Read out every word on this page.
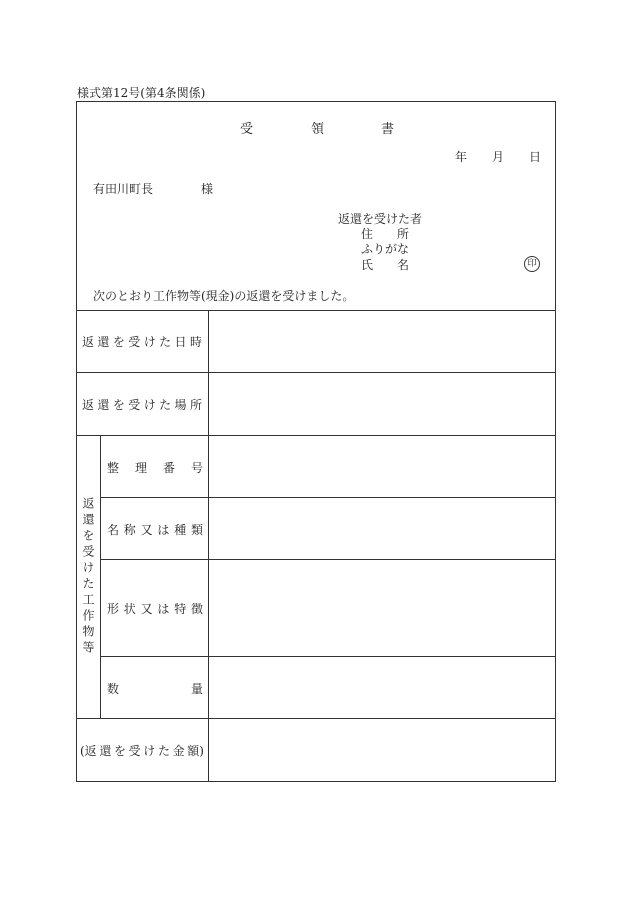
様式第12号(第4条関係)
受	領	書
年 月 日
有田川町長	様
返還を受けた者
住 所
ふりがな
氏 名	印
次のとおり工作物等(現金)の返還を受けました。
返 還 を 受 け た 日 時
返 還 を 受 け た 場 所
返還を受けた工作物等
整 理 番 号
名 称 又 は 種 類
形 状 又 は 特 徴
数	量
(返 還 を 受 け た 金 額)
